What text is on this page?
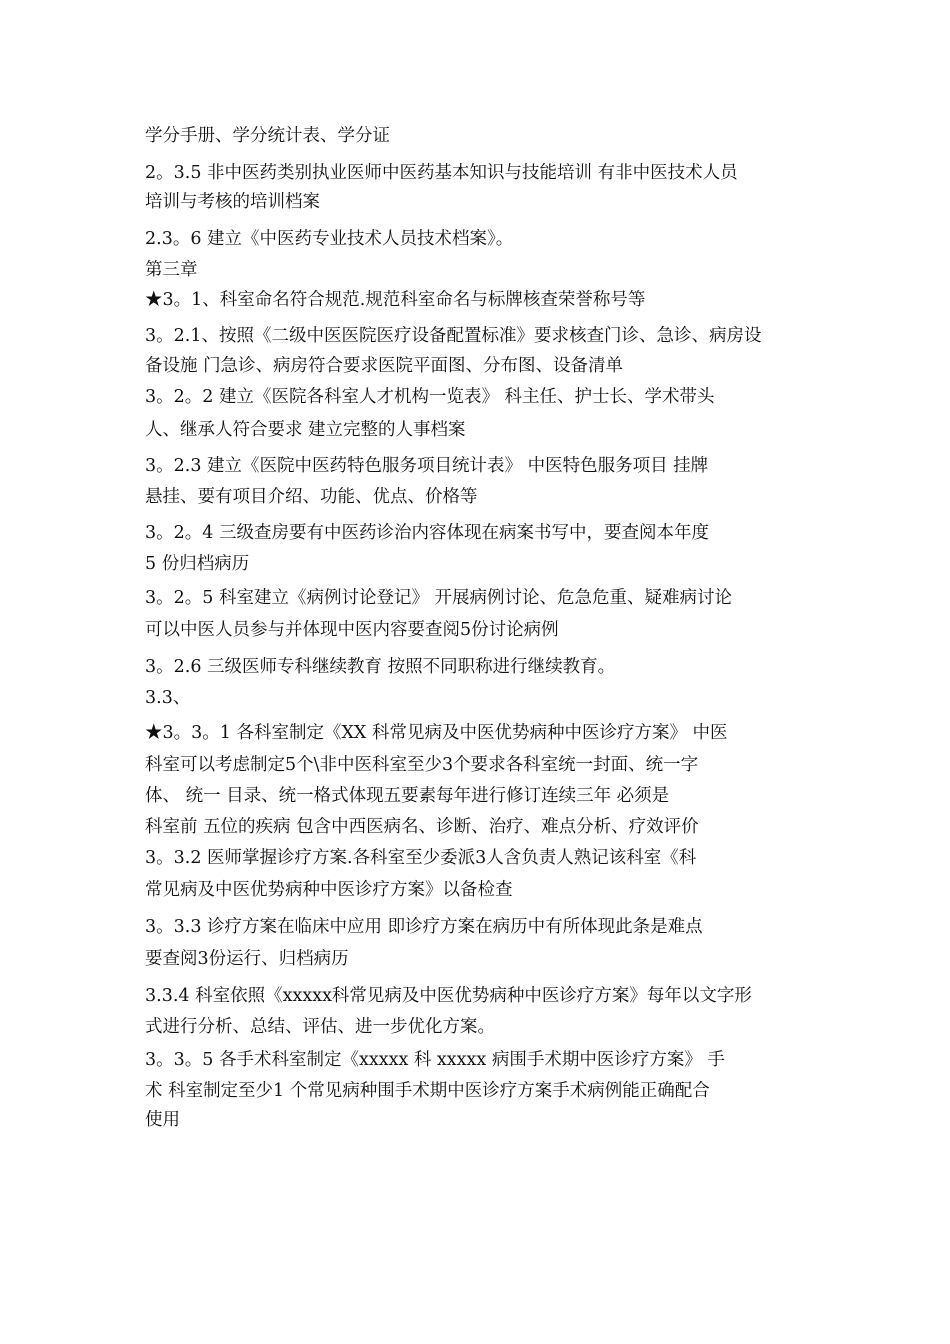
学分手册、学分统计表、学分证
2。3.5 非中医药类别执业医师中医药基本知识与技能培训 有非中医技术人员
培训与考核的培训档案
2.3。6 建立《中医药专业技术人员技术档案》。
第三章
★3。1、科室命名符合规范.规范科室命名与标牌核查荣誉称号等
3。2.1、按照《二级中医医院医疗设备配置标准》要求核查门诊、急诊、病房设
备设施 门急诊、病房符合要求医院平面图、分布图、设备清单
3。2。2 建立《医院各科室人才机构一览表》 科主任、护士长、学术带头
人、继承人符合要求 建立完整的人事档案
3。2.3 建立《医院中医药特色服务项目统计表》 中医特色服务项目 挂牌
悬挂、要有项目介绍、功能、优点、价格等
3。2。4 三级查房要有中医药诊治内容体现在病案书写中，要查阅本年度
5 份归档病历
3。2。5 科室建立《病例讨论登记》 开展病例讨论、危急危重、疑难病讨论
可以中医人员参与并体现中医内容要查阅5份讨论病例
3。2.6 三级医师专科继续教育 按照不同职称进行继续教育。
3.3、
★3。3。1 各科室制定《XX 科常见病及中医优势病种中医诊疗方案》 中医
科室可以考虑制定5个\非中医科室至少3个要求各科室统一封面、统一字
体、 统一 目录、统一格式体现五要素每年进行修订连续三年 必须是
科室前 五位的疾病 包含中西医病名、诊断、治疗、难点分析、疗效评价
3。3.2 医师掌握诊疗方案.各科室至少委派3人含负责人熟记该科室《科
常见病及中医优势病种中医诊疗方案》以备检查
3。3.3 诊疗方案在临床中应用 即诊疗方案在病历中有所体现此条是难点
要查阅3份运行、归档病历
3.3.4 科室依照《xxxxx科常见病及中医优势病种中医诊疗方案》每年以文字形
式进行分析、总结、评估、进一步优化方案。
3。3。5 各手术科室制定《xxxxx 科 xxxxx 病围手术期中医诊疗方案》 手
术 科室制定至少1 个常见病种围手术期中医诊疗方案手术病例能正确配合
使用
